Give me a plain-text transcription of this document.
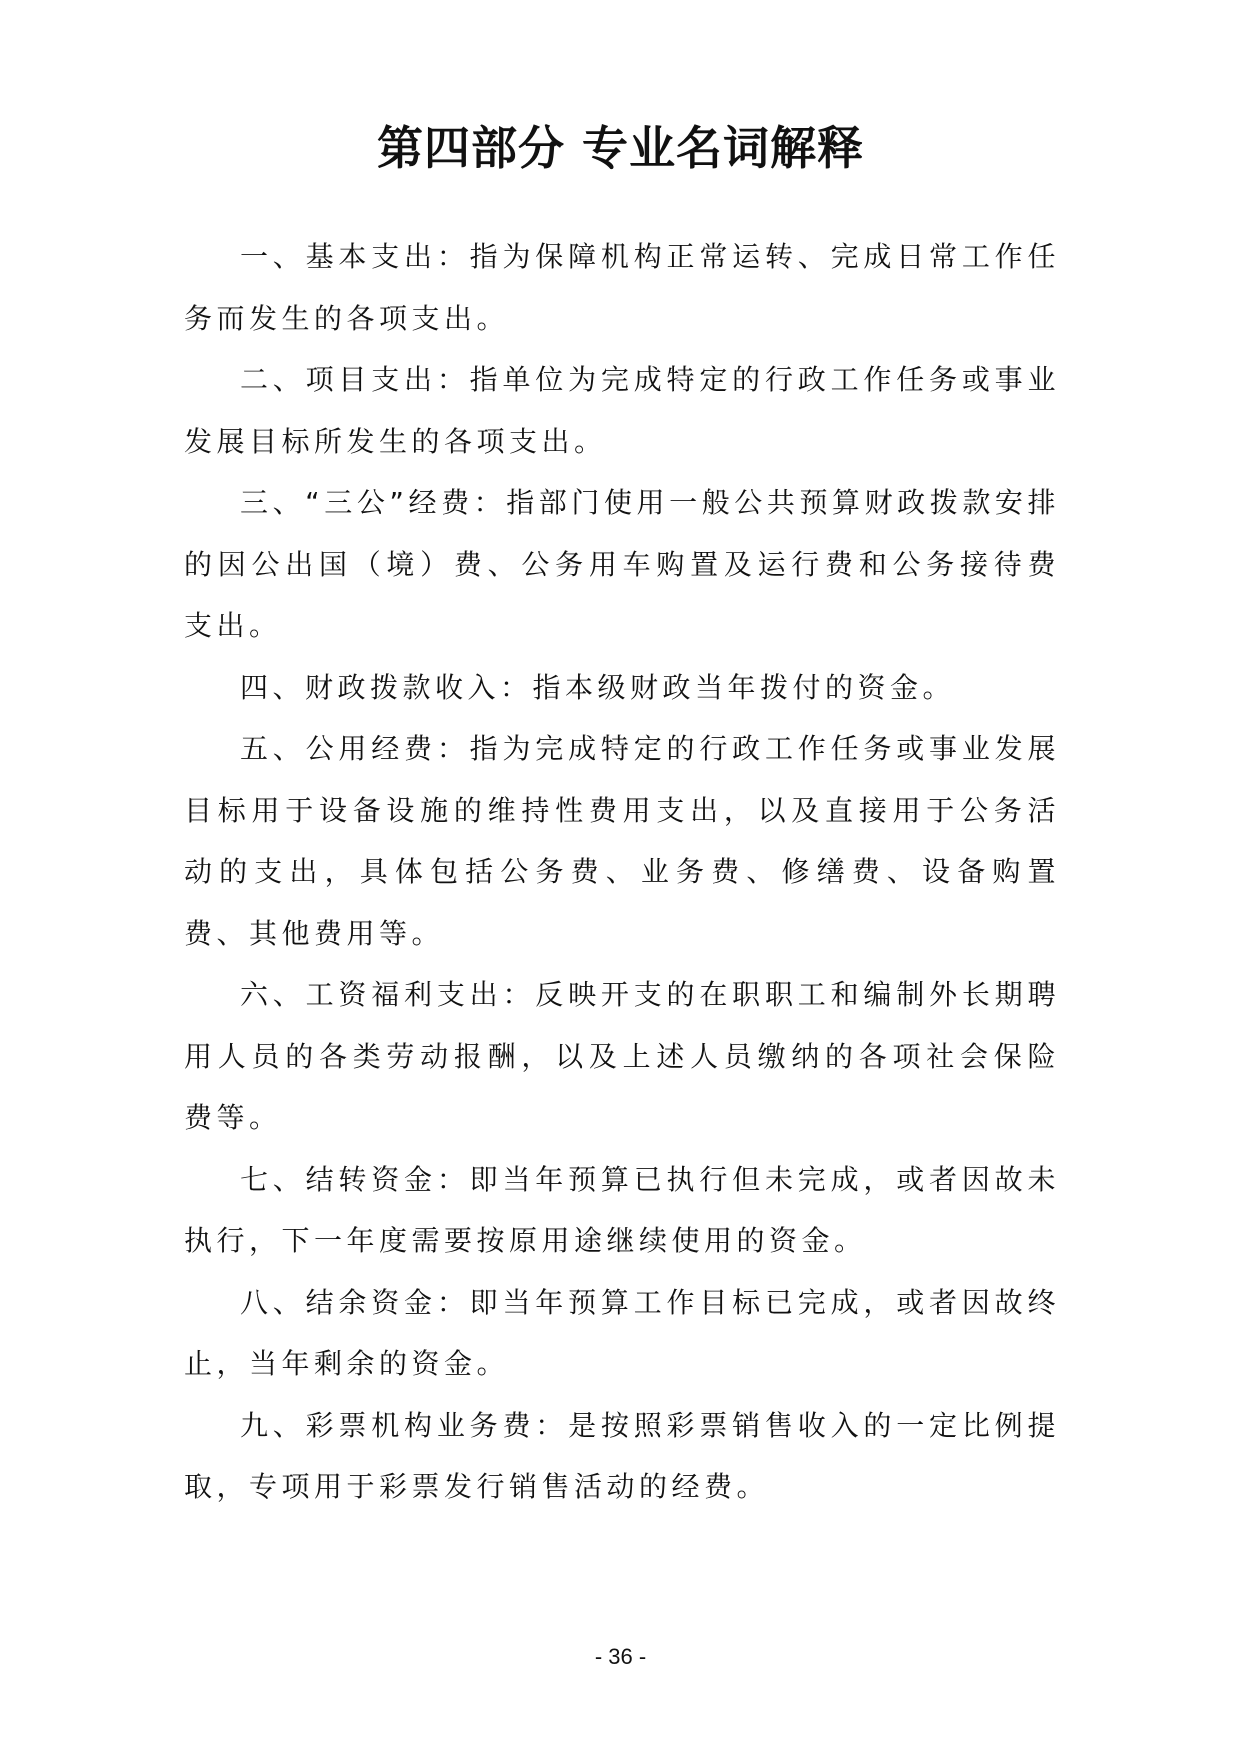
第四部分 专业名词解释

一、基本支出：指为保障机构正常运转、完成日常工作任务而发生的各项支出。

二、项目支出：指单位为完成特定的行政工作任务或事业发展目标所发生的各项支出。

三、“三公”经费：指部门使用一般公共预算财政拨款安排的因公出国（境）费、公务用车购置及运行费和公务接待费支出。

四、财政拨款收入：指本级财政当年拨付的资金。

五、公用经费：指为完成特定的行政工作任务或事业发展目标用于设备设施的维持性费用支出，以及直接用于公务活动的支出，具体包括公务费、业务费、修缮费、设备购置费、其他费用等。

六、工资福利支出：反映开支的在职职工和编制外长期聘用人员的各类劳动报酬，以及上述人员缴纳的各项社会保险费等。

七、结转资金：即当年预算已执行但未完成，或者因故未执行，下一年度需要按原用途继续使用的资金。

八、结余资金：即当年预算工作目标已完成，或者因故终止，当年剩余的资金。

九、彩票机构业务费：是按照彩票销售收入的一定比例提取，专项用于彩票发行销售活动的经费。

- 36 -
